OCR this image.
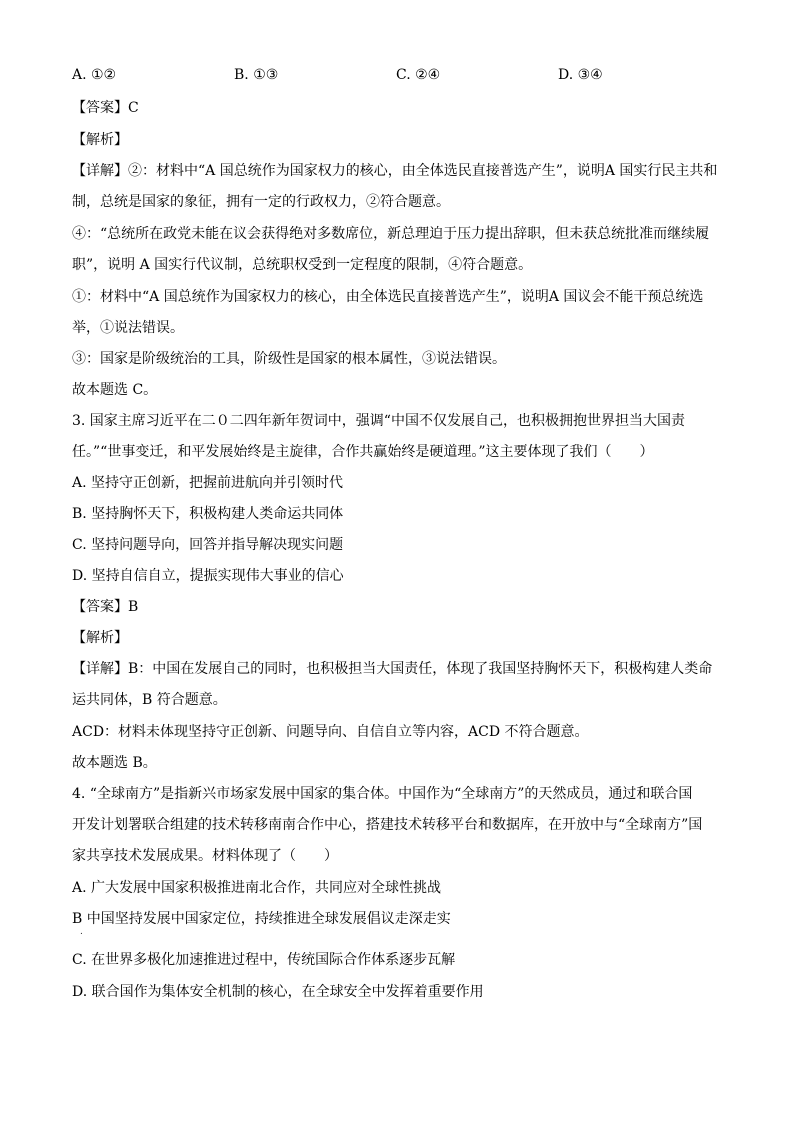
A. ①②	B. ①③	C. ②④	D. ③④
【答案】C
【解析】
【详解】②：材料中“A 国总统作为国家权力的核心，由全体选民直接普选产生”，说明A 国实行民主共和
制，总统是国家的象征，拥有一定的行政权力，②符合题意。
④：“总统所在政党未能在议会获得绝对多数席位，新总理迫于压力提出辞职，但未获总统批准而继续履
职”，说明 A 国实行代议制，总统职权受到一定程度的限制，④符合题意。
①：材料中“A 国总统作为国家权力的核心，由全体选民直接普选产生”，说明A 国议会不能干预总统选
举，①说法错误。
③：国家是阶级统治的工具，阶级性是国家的根本属性，③说法错误。
故本题选 C。
3. 国家主席习近平在二０二四年新年贺词中，强调“中国不仅发展自己，也积极拥抱世界担当大国责
任。”“世事变迁，和平发展始终是主旋律，合作共赢始终是硬道理。”这主要体现了我们（　　）
A. 坚持守正创新，把握前进航向并引领时代
B. 坚持胸怀天下，积极构建人类命运共同体
C. 坚持问题导向，回答并指导解决现实问题
D. 坚持自信自立，提振实现伟大事业的信心
【答案】B
【解析】
【详解】B：中国在发展自己的同时，也积极担当大国责任，体现了我国坚持胸怀天下，积极构建人类命
运共同体，B 符合题意。
ACD：材料未体现坚持守正创新、问题导向、自信自立等内容，ACD 不符合题意。
故本题选 B。
4. “全球南方”是指新兴市场家发展中国家的集合体。中国作为“全球南方”的天然成员，通过和联合国
开发计划署联合组建的技术转移南南合作中心，搭建技术转移平台和数据库，在开放中与“全球南方”国
家共享技术发展成果。材料体现了（　　）
A. 广大发展中国家积极推进南北合作，共同应对全球性挑战
B 中国坚持发展中国家定位，持续推进全球发展倡议走深走实
.
C. 在世界多极化加速推进过程中，传统国际合作体系逐步瓦解
D. 联合国作为集体安全机制的核心，在全球安全中发挥着重要作用
